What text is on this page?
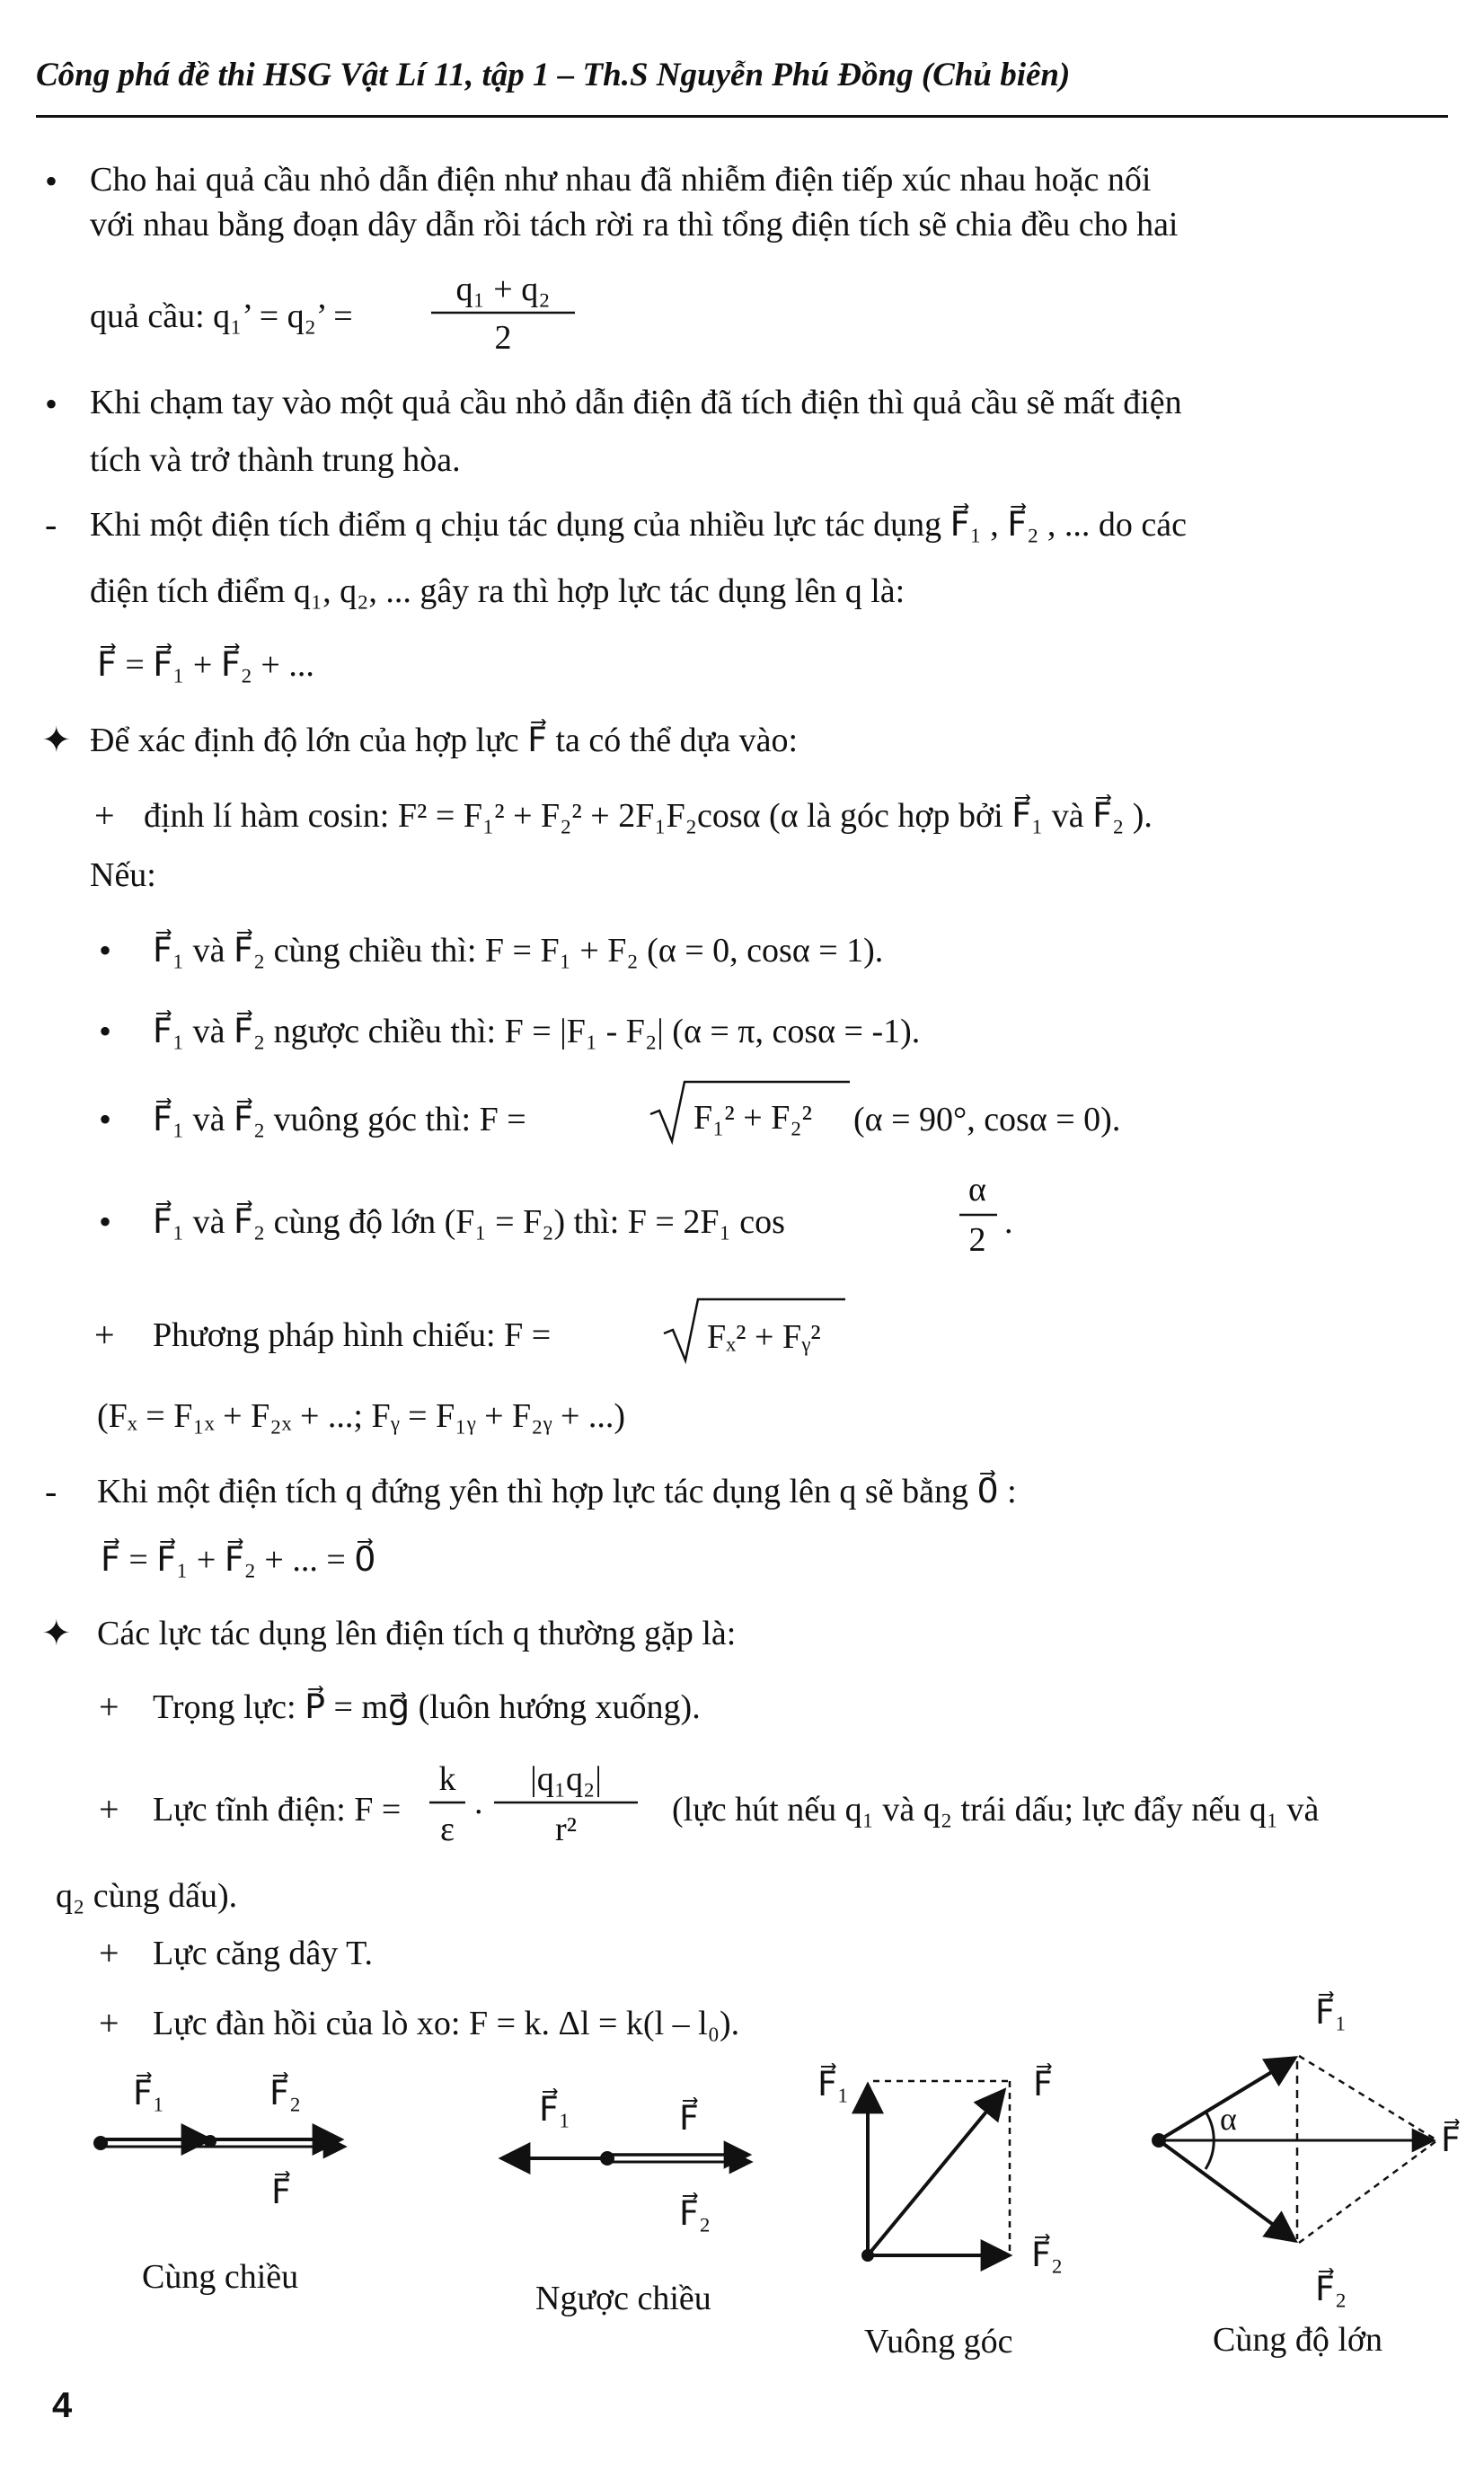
Công phá đề thi HSG Vật Lí 11, tập 1 – Th.S Nguyễn Phú Đồng (Chủ biên)
• Cho hai quả cầu nhỏ dẫn điện như nhau đã nhiễm điện tiếp xúc nhau hoặc nối
với nhau bằng đoạn dây dẫn rồi tách rời ra thì tổng điện tích sẽ chia đều cho hai
quả cầu: q₁’ = q₂’ =
q₁ + q₂
2
• Khi chạm tay vào một quả cầu nhỏ dẫn điện đã tích điện thì quả cầu sẽ mất điện
tích và trở thành trung hòa.
- Khi một điện tích điểm q chịu tác dụng của nhiều lực tác dụng F⃗₁ , F⃗₂ , ... do các
điện tích điểm q₁, q₂, ... gây ra thì hợp lực tác dụng lên q là:
F⃗ = F⃗₁ + F⃗₂ + ...
✦ Để xác định độ lớn của hợp lực F⃗ ta có thể dựa vào:
+ định lí hàm cosin: F² = F₁² + F₂² + 2F₁F₂cosα (α là góc hợp bởi F⃗₁ và F⃗₂ ).
Nếu:
• F⃗₁ và F⃗₂ cùng chiều thì: F = F₁ + F₂ (α = 0, cosα = 1).
• F⃗₁ và F⃗₂ ngược chiều thì: F = |F₁ - F₂| (α = π, cosα = -1).
• F⃗₁ và F⃗₂ vuông góc thì: F =	F₁² + F₂² (α = 90°, cosα = 0).
• F⃗₁ và F⃗₂ cùng độ lớn (F₁ = F₂) thì: F = 2F₁ cos
α
2 .
+ Phương pháp hình chiếu: F =	Fₓ² + Fᵧ²
(Fₓ = F₁ₓ + F₂ₓ + ...; Fᵧ = F₁ᵧ + F₂ᵧ + ...)
- Khi một điện tích q đứng yên thì hợp lực tác dụng lên q sẽ bằng 0⃗ :
F⃗ = F⃗₁ + F⃗₂ + ... = 0⃗
✦ Các lực tác dụng lên điện tích q thường gặp là:
+ Trọng lực: P⃗ = mg⃗ (luôn hướng xuống).
+ Lực tĩnh điện: F =
k
ε
.
|q₁q₂|
r²
(lực hút nếu q₁ và q₂ trái dấu; lực đẩy nếu q₁ và
q₂ cùng dấu).
+ Lực căng dây T.
+ Lực đàn hồi của lò xo: F = k. Δl = k(l – l₀).
F⃗₁	F⃗₂
F⃗
Cùng chiều
F⃗₁	F⃗
F⃗₂
Ngược chiều
F⃗₁	F⃗
F⃗₂
Vuông góc
α
F⃗₁
F⃗
F⃗₂
Cùng độ lớn
4
